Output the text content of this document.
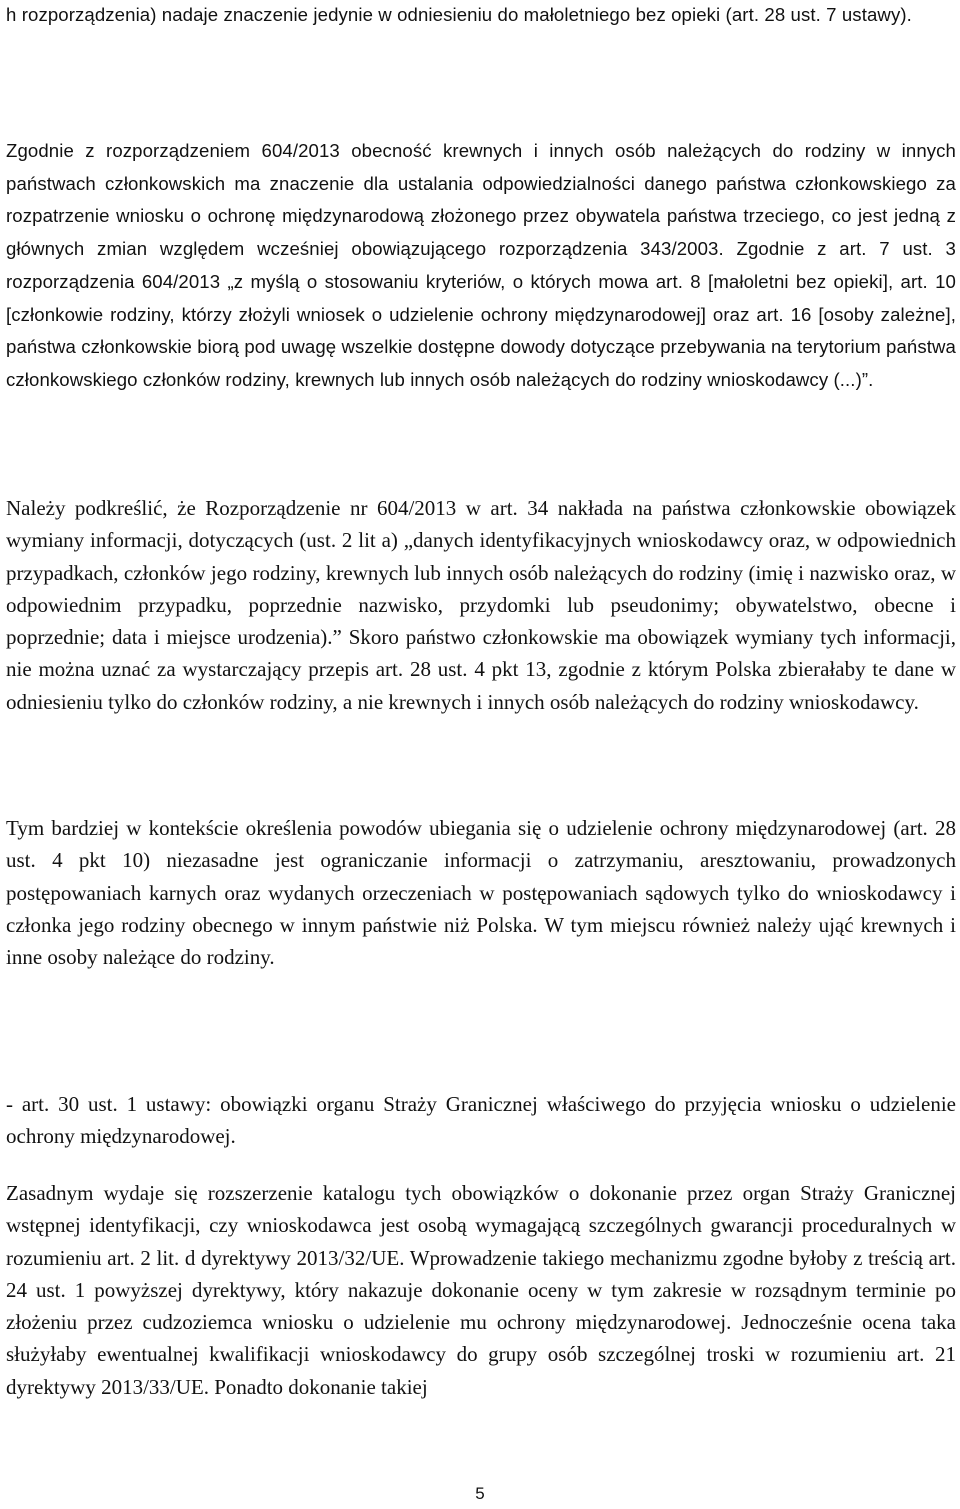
h rozporządzenia) nadaje znaczenie jedynie w odniesieniu do małoletniego bez opieki (art. 28 ust. 7 ustawy).

Zgodnie z rozporządzeniem 604/2013 obecność krewnych i innych osób należących do rodziny w innych państwach członkowskich ma znaczenie dla ustalania odpowiedzialności danego państwa członkowskiego za rozpatrzenie wniosku o ochronę międzynarodową złożonego przez obywatela państwa trzeciego, co jest jedną z głównych zmian względem wcześniej obowiązującego rozporządzenia 343/2003. Zgodnie z art. 7 ust. 3 rozporządzenia 604/2013 „z myślą o stosowaniu kryteriów, o których mowa art. 8 [małoletni bez opieki], art. 10 [członkowie rodziny, którzy złożyli wniosek o udzielenie ochrony międzynarodowej] oraz art. 16 [osoby zależne], państwa członkowskie biorą pod uwagę wszelkie dostępne dowody dotyczące przebywania na terytorium państwa członkowskiego członków rodziny, krewnych lub innych osób należących do rodziny wnioskodawcy (...)”.

Należy podkreślić, że Rozporządzenie nr 604/2013 w art. 34 nakłada na państwa członkowskie obowiązek wymiany informacji, dotyczących (ust. 2 lit a) „danych identyfikacyjnych wnioskodawcy oraz, w odpowiednich przypadkach, członków jego rodziny, krewnych lub innych osób należących do rodziny (imię i nazwisko oraz, w odpowiednim przypadku, poprzednie nazwisko, przydomki lub pseudonimy; obywatelstwo, obecne i poprzednie; data i miejsce urodzenia).” Skoro państwo członkowskie ma obowiązek wymiany tych informacji, nie można uznać za wystarczający przepis art. 28 ust. 4 pkt 13, zgodnie z którym Polska zbierałaby te dane w odniesieniu tylko do członków rodziny, a nie krewnych i innych osób należących do rodziny wnioskodawcy.

Tym bardziej w kontekście określenia powodów ubiegania się o udzielenie ochrony międzynarodowej (art. 28 ust. 4 pkt 10) niezasadne jest ograniczanie informacji o zatrzymaniu, aresztowaniu, prowadzonych postępowaniach karnych oraz wydanych orzeczeniach w postępowaniach sądowych tylko do wnioskodawcy i członka jego rodziny obecnego w innym państwie niż Polska. W tym miejscu również należy ująć krewnych i inne osoby należące do rodziny.

- art. 30 ust. 1 ustawy: obowiązki organu Straży Granicznej właściwego do przyjęcia wniosku o udzielenie ochrony międzynarodowej.

Zasadnym wydaje się rozszerzenie katalogu tych obowiązków o dokonanie przez organ Straży Granicznej wstępnej identyfikacji, czy wnioskodawca jest osobą wymagającą szczególnych gwarancji proceduralnych w rozumieniu art. 2 lit. d dyrektywy 2013/32/UE. Wprowadzenie takiego mechanizmu zgodne byłoby z treścią art. 24 ust. 1 powyższej dyrektywy, który nakazuje dokonanie oceny w tym zakresie w rozsądnym terminie po złożeniu przez cudzoziemca wniosku o udzielenie mu ochrony międzynarodowej. Jednocześnie ocena taka służyłaby ewentualnej kwalifikacji wnioskodawcy do grupy osób szczególnej troski w rozumieniu art. 21 dyrektywy 2013/33/UE. Ponadto dokonanie takiej

5
